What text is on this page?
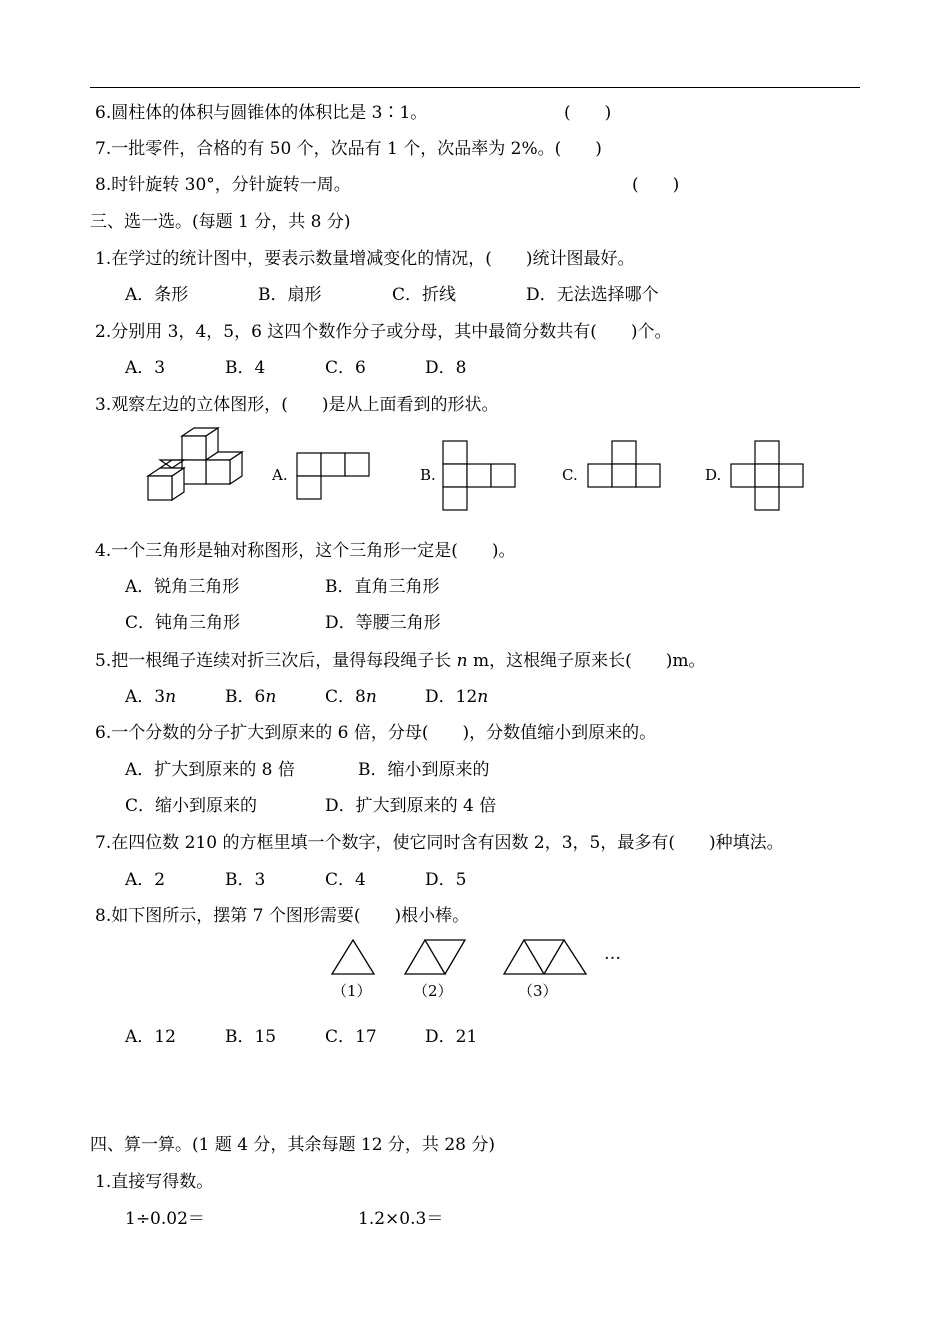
6.圆柱体的体积与圆锥体的体积比是 3∶1。	(　　)
7.一批零件，合格的有 50 个，次品有 1 个，次品率为 2%。(　　)
8.时针旋转 30°，分针旋转一周。	(　　)
三、选一选。(每题 1 分，共 8 分)
1.在学过的统计图中，要表示数量增减变化的情况，(　　)统计图最好。
A．条形	B．扇形	C．折线	D．无法选择哪个
2.分别用 3，4，5，6 这四个数作分子或分母，其中最简分数共有(　　)个。
A．3	B．4	C．6	D．8
3.观察左边的立体图形，(　　)是从上面看到的形状。
A.	B.	C.	D.
4.一个三角形是轴对称图形，这个三角形一定是(　　)。
A．锐角三角形	B．直角三角形
C．钝角三角形	D．等腰三角形
5.把一根绳子连续对折三次后，量得每段绳子长 n m，这根绳子原来长(　　)m。
A．3n	B．6n	C．8n	D．12n
6.一个分数的分子扩大到原来的 6 倍，分母(　　)，分数值缩小到原来的。
A．扩大到原来的 8 倍	B．缩小到原来的
C．缩小到原来的	D．扩大到原来的 4 倍
7.在四位数 210 的方框里填一个数字，使它同时含有因数 2，3，5，最多有(　　)种填法。
A．2	B．3	C．4	D．5
8.如下图所示，摆第 7 个图形需要(　　)根小棒。
…
（1）	（2）	（3）
A．12	B．15	C．17	D．21
四、算一算。(1 题 4 分，其余每题 12 分，共 28 分)
1.直接写得数。
1÷0.02＝	1.2×0.3＝
